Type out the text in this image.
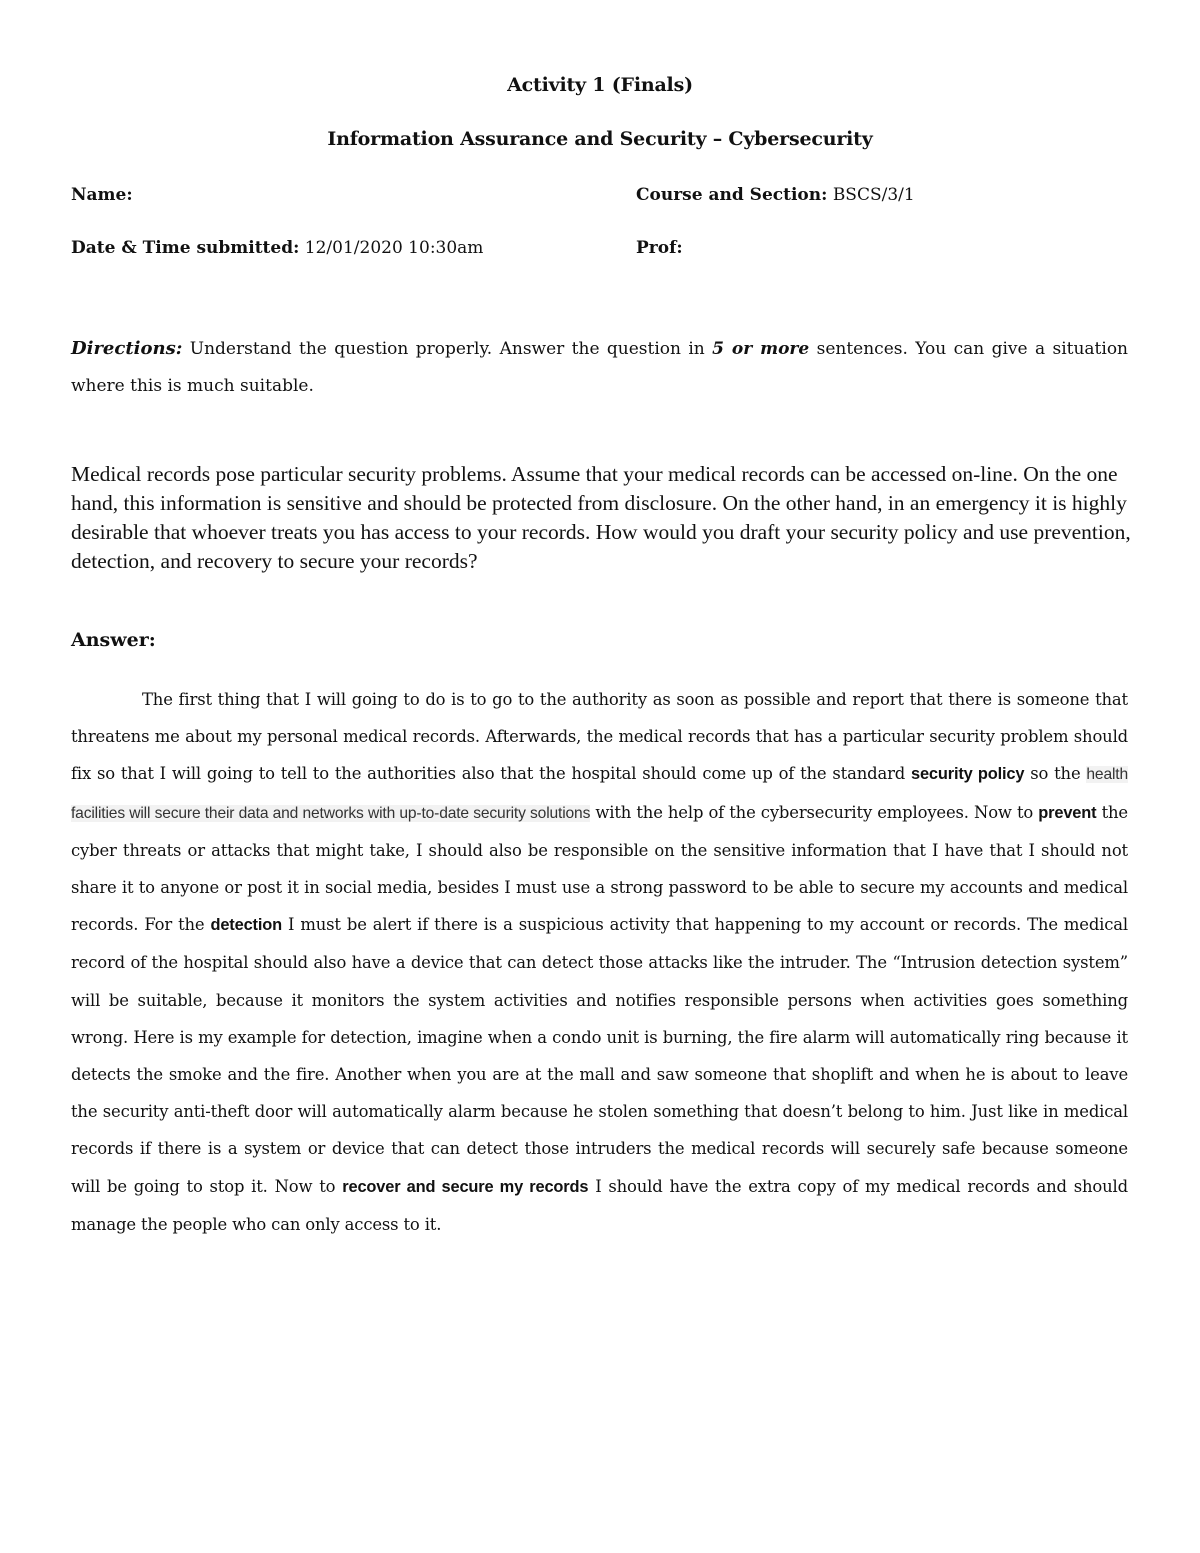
Activity 1 (Finals)
Information Assurance and Security – Cybersecurity
Name:	Course and Section: BSCS/3/1
Date & Time submitted: 12/01/2020 10:30am	Prof:
Directions: Understand the question properly. Answer the question in 5 or more sentences. You can give a situation where this is much suitable.
Medical records pose particular security problems. Assume that your medical records can be accessed on-line. On the one hand, this information is sensitive and should be protected from disclosure. On the other hand, in an emergency it is highly desirable that whoever treats you has access to your records. How would you draft your security policy and use prevention, detection, and recovery to secure your records?
Answer:

The first thing that I will going to do is to go to the authority as soon as possible and report that there is someone that threatens me about my personal medical records. Afterwards, the medical records that has a particular security problem should fix so that I will going to tell to the authorities also that the hospital should come up of the standard security policy so the health facilities will secure their data and networks with up-to-date security solutions with the help of the cybersecurity employees. Now to prevent the cyber threats or attacks that might take, I should also be responsible on the sensitive information that I have that I should not share it to anyone or post it in social media, besides I must use a strong password to be able to secure my accounts and medical records. For the detection I must be alert if there is a suspicious activity that happening to my account or records. The medical record of the hospital should also have a device that can detect those attacks like the intruder. The “Intrusion detection system” will be suitable, because it monitors the system activities and notifies responsible persons when activities goes something wrong. Here is my example for detection, imagine when a condo unit is burning, the fire alarm will automatically ring because it detects the smoke and the fire. Another when you are at the mall and saw someone that shoplift and when he is about to leave the security anti-theft door will automatically alarm because he stolen something that doesn’t belong to him. Just like in medical records if there is a system or device that can detect those intruders the medical records will securely safe because someone will be going to stop it. Now to recover and secure my records I should have the extra copy of my medical records and should manage the people who can only access to it.
